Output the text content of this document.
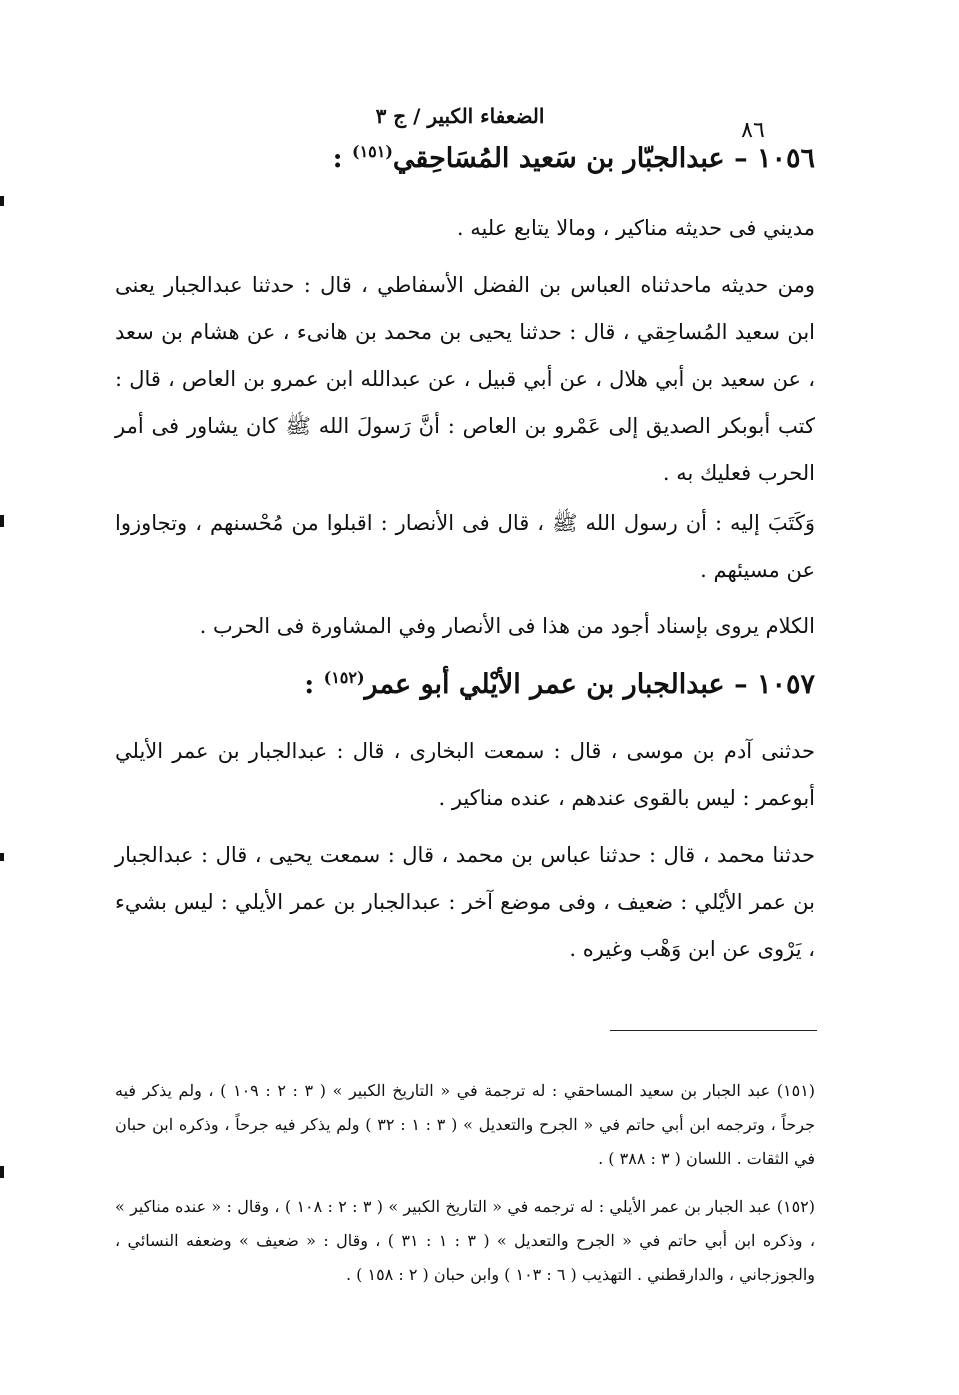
الضعفاء الكبير / ج ٣
٨٦
١٠٥٦ – عبدالجبّار بن سَعيد المُسَاحِقي$^{(١٥١)}$ :

مديني فى حديثه مناكير ، ومالا يتابع عليه .

ومن حديثه ماحدثناه العباس بن الفضل الأسفاطي ، قال : حدثنا عبدالجبار يعنى ابن سعيد المُساحِقي ، قال : حدثنا يحيى بن محمد بن هانىء ، عن هشام بن سعد ، عن سعيد بن أبي هلال ، عن أبي قبيل ، عن عبدالله ابن عمرو بن العاص ، قال : كتب أبوبكر الصديق إلى عَمْرو بن العاص : أنَّ رَسولَ الله ﷺ كان يشاور فى أمر الحرب فعليك به .

وَكَتَبَ إليه : أن رسول الله ﷺ ، قال فى الأنصار : اقبلوا من مُحْسنهم ، وتجاوزوا عن مسيئهم .

الكلام يروى بإسناد أجود من هذا فى الأنصار وفي المشاورة فى الحرب .

١٠٥٧ – عبدالجبار بن عمر الأيْلي أبو عمر$^{(١٥٢)}$ :

حدثنى آدم بن موسى ، قال : سمعت البخارى ، قال : عبدالجبار بن عمر الأيلي أبوعمر : ليس بالقوى عندهم ، عنده مناكير .

حدثنا محمد ، قال : حدثنا عباس بن محمد ، قال : سمعت يحيى ، قال : عبدالجبار بن عمر الأيْلي : ضعيف ، وفى موضع آخر : عبدالجبار بن عمر الأيلي : ليس بشيء ، يَرْوى عن ابن وَهْب وغيره .

(١٥١) عبد الجبار بن سعيد المساحقي : له ترجمة في « التاريخ الكبير » ( ٣ : ٢ : ١٠٩ ) ، ولم يذكر فيه جرحاً ، وترجمه ابن أبي حاتم في « الجرح والتعديل » ( ٣ : ١ : ٣٢ ) ولم يذكر فيه جرحاً ، وذكره ابن حبان في الثقات . اللسان ( ٣ : ٣٨٨ ) .

(١٥٢) عبد الجبار بن عمر الأيلي : له ترجمه في « التاريخ الكبير » ( ٣ : ٢ : ١٠٨ ) ، وقال : « عنده مناكير » ، وذكره ابن أبي حاتم في « الجرح والتعديل » ( ٣ : ١ : ٣١ ) ، وقال : « ضعيف » وضعفه النسائي ، والجوزجاني ، والدارقطني . التهذيب ( ٦ : ١٠٣ ) وابن حبان ( ٢ : ١٥٨ ) .
